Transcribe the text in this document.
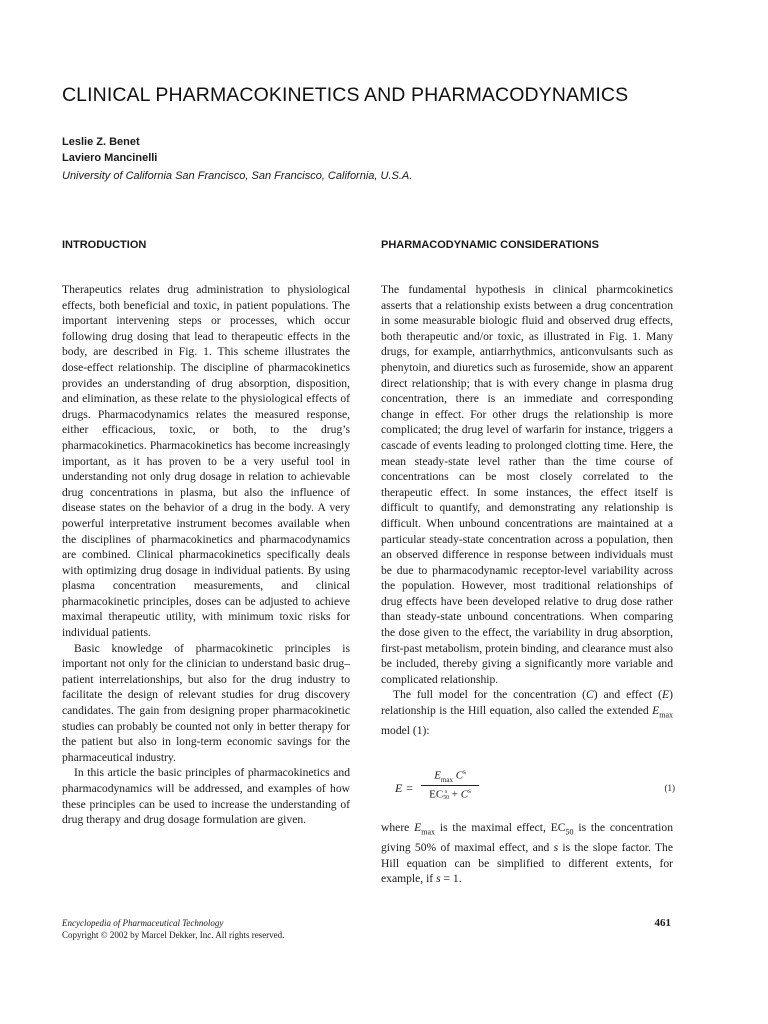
CLINICAL PHARMACOKINETICS AND PHARMACODYNAMICS
Leslie Z. Benet
Laviero Mancinelli
University of California San Francisco, San Francisco, California, U.S.A.
INTRODUCTION	PHARMACODYNAMIC CONSIDERATIONS

Therapeutics relates drug administration to physiological effects, both beneficial and toxic, in patient populations. The important intervening steps or processes, which occur following drug dosing that lead to therapeutic effects in the body, are described in Fig. 1. This scheme illustrates the dose-effect relationship. The discipline of pharmacokinetics provides an understanding of drug absorption, disposition, and elimination, as these relate to the physiological effects of drugs. Pharmacodynamics relates the measured response, either efficacious, toxic, or both, to the drug’s pharmacokinetics. Pharmacokinetics has become increasingly important, as it has proven to be a very useful tool in understanding not only drug dosage in relation to achievable drug concentrations in plasma, but also the influence of disease states on the behavior of a drug in the body. A very powerful interpretative instrument becomes available when the disciplines of pharmacokinetics and pharmacodynamics are combined. Clinical pharmacokinetics specifically deals with optimizing drug dosage in individual patients. By using plasma concentration measurements, and clinical pharmacokinetic principles, doses can be adjusted to achieve maximal therapeutic utility, with minimum toxic risks for individual patients.

Basic knowledge of pharmacokinetic principles is important not only for the clinician to understand basic drug–patient interrelationships, but also for the drug industry to facilitate the design of relevant studies for drug discovery candidates. The gain from designing proper pharmacokinetic studies can probably be counted not only in better therapy for the patient but also in long-term economic savings for the pharmaceutical industry.

In this article the basic principles of pharmacokinetics and pharmacodynamics will be addressed, and examples of how these principles can be used to increase the understanding of drug therapy and drug dosage formulation are given.

The fundamental hypothesis in clinical pharmcokinetics asserts that a relationship exists between a drug concentration in some measurable biologic fluid and observed drug effects, both therapeutic and/or toxic, as illustrated in Fig. 1. Many drugs, for example, antiarrhythmics, anticonvulsants such as phenytoin, and diuretics such as furosemide, show an apparent direct relationship; that is with every change in plasma drug concentration, there is an immediate and corresponding change in effect. For other drugs the relationship is more complicated; the drug level of warfarin for instance, triggers a cascade of events leading to prolonged clotting time. Here, the mean steady-state level rather than the time course of concentrations can be most closely correlated to the therapeutic effect. In some instances, the effect itself is difficult to quantify, and demonstrating any relationship is difficult. When unbound concentrations are maintained at a particular steady-state concentration across a population, then an observed difference in response between individuals must be due to pharmacodynamic receptor-level variability across the population. However, most traditional relationships of drug effects have been developed relative to drug dose rather than steady-state unbound concentrations. When comparing the dose given to the effect, the variability in drug absorption, first-past metabolism, protein binding, and clearance must also be included, thereby giving a significantly more variable and complicated relationship.

The full model for the concentration (C) and effect (E) relationship is the Hill equation, also called the extended $E_{max}$ model (1):

E =
$E_{max}$ $C^s$
EC s
$50 + C^s$	(1)

where $E_{max}$ is the maximal effect, $EC_{50}$ is the concentration giving 50% of maximal effect, and s is the slope factor. The Hill equation can be simplified to different extents, for example, if s = 1.

Encyclopedia of Pharmaceutical Technology
Copyright © 2002 by Marcel Dekker, Inc. All rights reserved.
461
